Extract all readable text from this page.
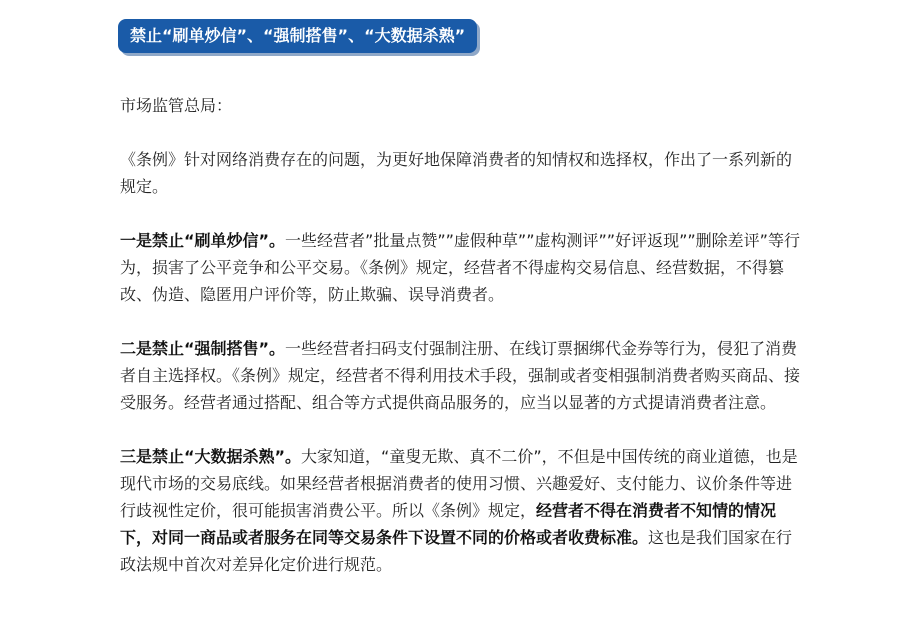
禁止“刷单炒信”、“强制搭售”、“大数据杀熟”

市场监管总局：

《条例》针对网络消费存在的问题，为更好地保障消费者的知情权和选择权，作出了一系列新的规定。

一是禁止“刷单炒信”。一些经营者”批量点赞””虚假种草””虚构测评””好评返现””删除差评”等行为，损害了公平竞争和公平交易。《条例》规定，经营者不得虚构交易信息、经营数据，不得篡改、伪造、隐匿用户评价等，防止欺骗、误导消费者。

二是禁止“强制搭售”。一些经营者扫码支付强制注册、在线订票捆绑代金券等行为，侵犯了消费者自主选择权。《条例》规定，经营者不得利用技术手段，强制或者变相强制消费者购买商品、接受服务。经营者通过搭配、组合等方式提供商品服务的，应当以显著的方式提请消费者注意。

三是禁止“大数据杀熟”。大家知道，“童叟无欺、真不二价”，不但是中国传统的商业道德，也是现代市场的交易底线。如果经营者根据消费者的使用习惯、兴趣爱好、支付能力、议价条件等进行歧视性定价，很可能损害消费公平。所以《条例》规定，经营者不得在消费者不知情的情况下，对同一商品或者服务在同等交易条件下设置不同的价格或者收费标准。这也是我们国家在行政法规中首次对差异化定价进行规范。
